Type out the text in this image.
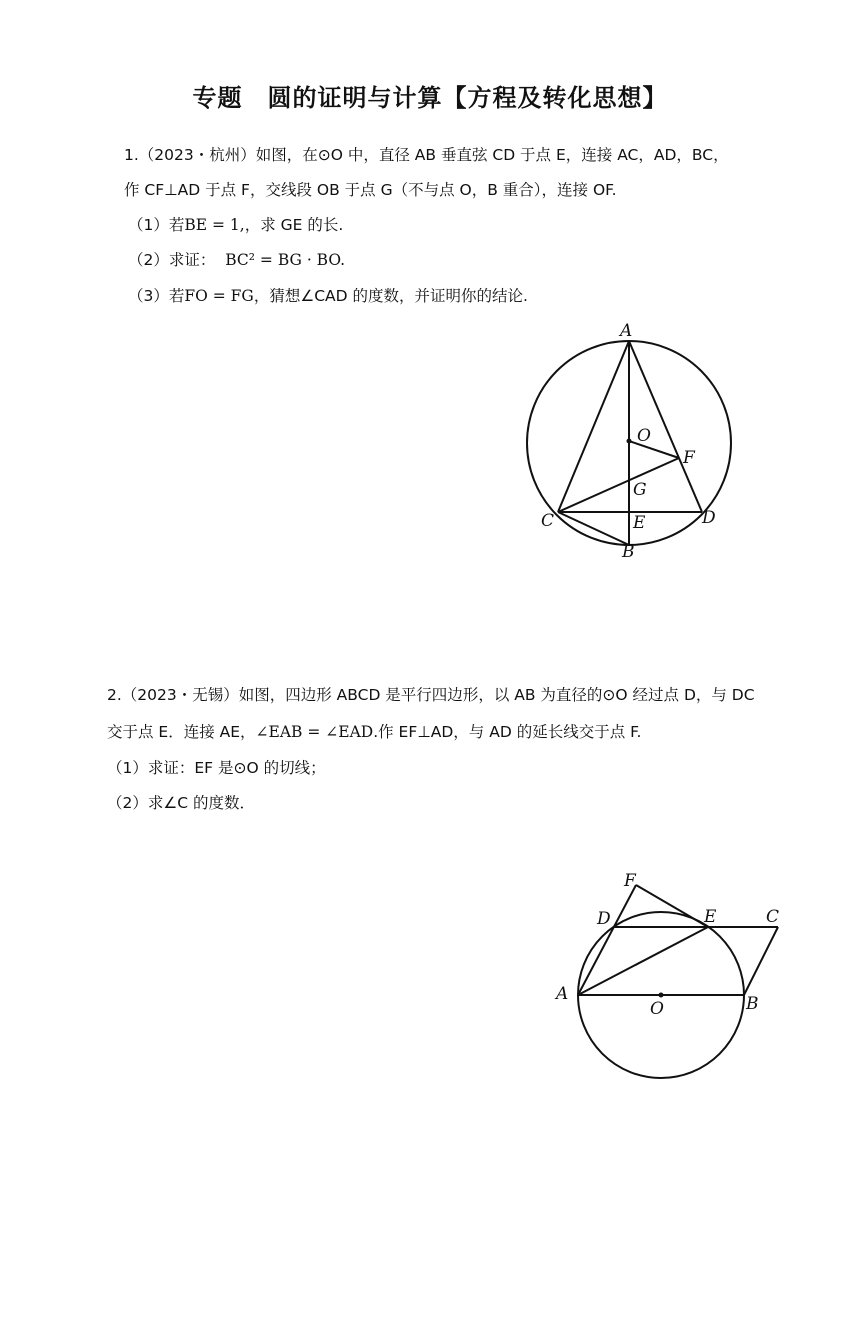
专题　圆的证明与计算【方程及转化思想】
1.（2023・杭州）如图，在⊙O 中，直径 AB 垂直弦 CD 于点 E，连接 AC，AD，BC，
作 CF⊥AD 于点 F，交线段 OB 于点 G（不与点 O，B 重合），连接 OF.
（1）若BE = 1,，求 GE 的长.
（2）求证： BC² = BG · BO.
（3）若FO = FG，猜想∠CAD 的度数，并证明你的结论.
A
O
F
G
C	E	D
B
2.（2023・无锡）如图，四边形 ABCD 是平行四边形，以 AB 为直径的⊙O 经过点 D，与 DC
交于点 E．连接 AE，∠EAB = ∠EAD.作 EF⊥AD，与 AD 的延长线交于点 F.
（1）求证：EF 是⊙O 的切线；
（2）求∠C 的度数．
F
D	E	C
A
O	B
